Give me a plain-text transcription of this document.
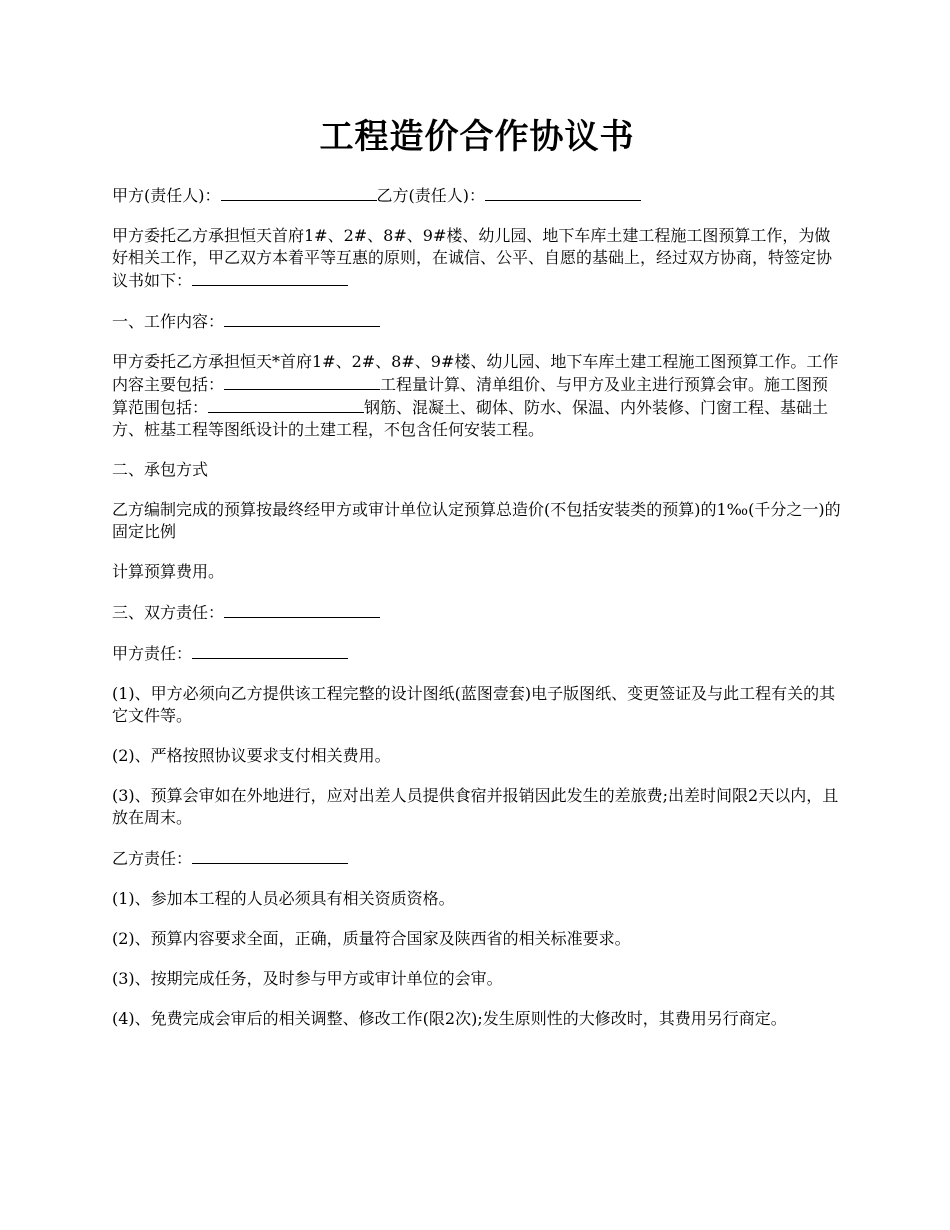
工程造价合作协议书

甲方(责任人)：	乙方(责任人)：

甲方委托乙方承担恒天首府1#、2#、8#、9#楼、幼儿园、地下车库土建工程施工图预算工作，为做好相关工作，甲乙双方本着平等互惠的原则，在诚信、公平、自愿的基础上，经过双方协商，特签定协议书如下：

一、工作内容：

甲方委托乙方承担恒天*首府1#、2#、8#、9#楼、幼儿园、地下车库土建工程施工图预算工作。工作内容主要包括：	工程量计算、清单组价、与甲方及业主进行预算会审。施工图预算范围包括：	钢筋、混凝土、砌体、防水、保温、内外装修、门窗工程、基础土方、桩基工程等图纸设计的土建工程，不包含任何安装工程。

二、承包方式

乙方编制完成的预算按最终经甲方或审计单位认定预算总造价(不包括安装类的预算)的1‰(千分之一)的固定比例

计算预算费用。

三、双方责任：

甲方责任：

(1)、甲方必须向乙方提供该工程完整的设计图纸(蓝图壹套)电子版图纸、变更签证及与此工程有关的其它文件等。

(2)、严格按照协议要求支付相关费用。

(3)、预算会审如在外地进行，应对出差人员提供食宿并报销因此发生的差旅费;出差时间限2天以内，且放在周末。

乙方责任：

(1)、参加本工程的人员必须具有相关资质资格。

(2)、预算内容要求全面，正确，质量符合国家及陕西省的相关标准要求。

(3)、按期完成任务，及时参与甲方或审计单位的会审。

(4)、免费完成会审后的相关调整、修改工作(限2次);发生原则性的大修改时，其费用另行商定。
